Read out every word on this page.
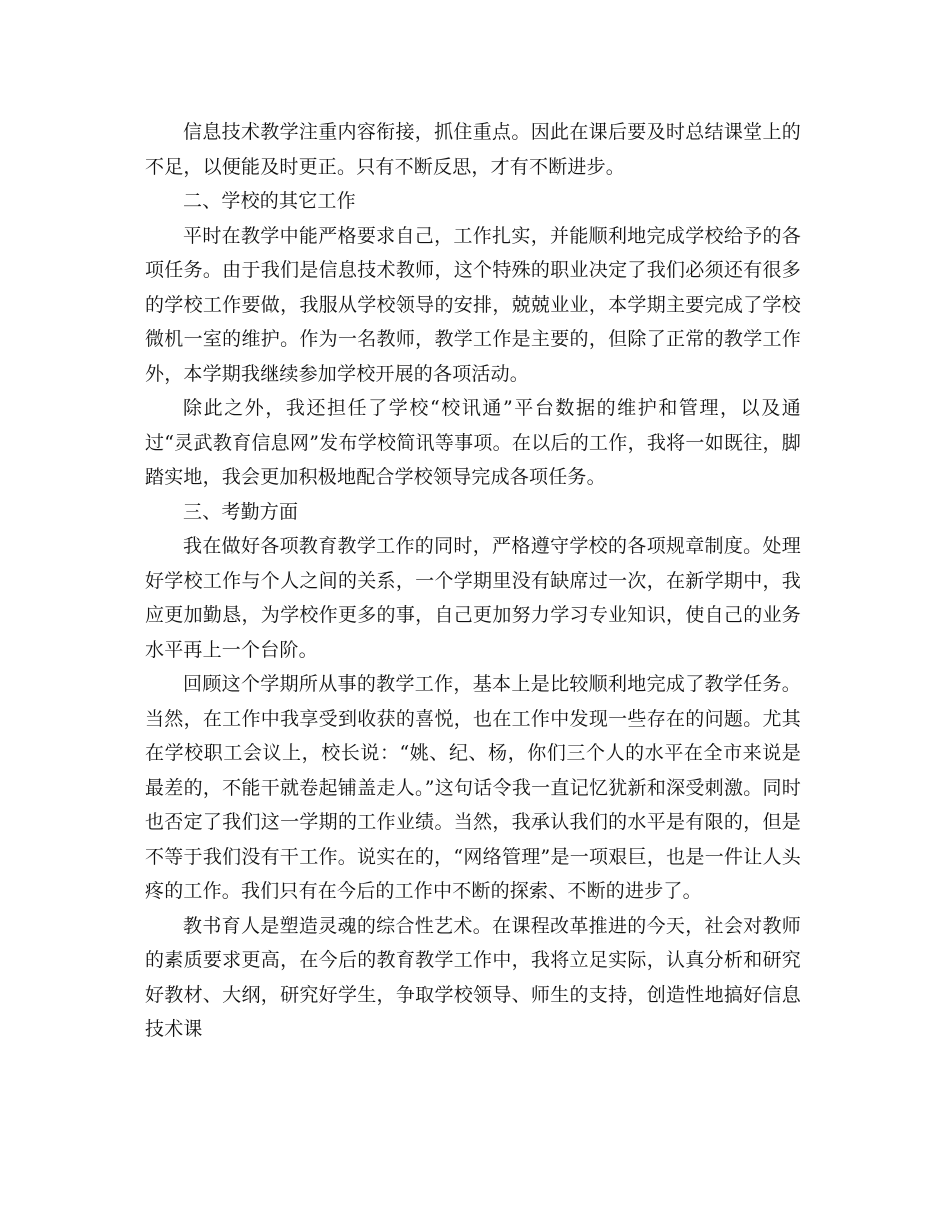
信息技术教学注重内容衔接，抓住重点。因此在课后要及时总结课堂上的不足，以便能及时更正。只有不断反思，才有不断进步。

二、学校的其它工作

平时在教学中能严格要求自己，工作扎实，并能顺利地完成学校给予的各项任务。由于我们是信息技术教师，这个特殊的职业决定了我们必须还有很多的学校工作要做，我服从学校领导的安排，兢兢业业，本学期主要完成了学校微机一室的维护。作为一名教师，教学工作是主要的，但除了正常的教学工作外，本学期我继续参加学校开展的各项活动。

除此之外，我还担任了学校“校讯通”平台数据的维护和管理，以及通过“灵武教育信息网”发布学校简讯等事项。在以后的工作，我将一如既往，脚踏实地，我会更加积极地配合学校领导完成各项任务。

三、考勤方面

我在做好各项教育教学工作的同时，严格遵守学校的各项规章制度。处理好学校工作与个人之间的关系，一个学期里没有缺席过一次，在新学期中，我应更加勤恳，为学校作更多的事，自己更加努力学习专业知识，使自己的业务水平再上一个台阶。

回顾这个学期所从事的教学工作，基本上是比较顺利地完成了教学任务。当然，在工作中我享受到收获的喜悦，也在工作中发现一些存在的问题。尤其在学校职工会议上，校长说：“姚、纪、杨，你们三个人的水平在全市来说是最差的，不能干就卷起铺盖走人。”这句话令我一直记忆犹新和深受刺激。同时也否定了我们这一学期的工作业绩。当然，我承认我们的水平是有限的，但是不等于我们没有干工作。说实在的，“网络管理”是一项艰巨，也是一件让人头疼的工作。我们只有在今后的工作中不断的探索、不断的进步了。

教书育人是塑造灵魂的综合性艺术。在课程改革推进的今天，社会对教师的素质要求更高，在今后的教育教学工作中，我将立足实际，认真分析和研究好教材、大纲，研究好学生，争取学校领导、师生的支持，创造性地搞好信息技术课
